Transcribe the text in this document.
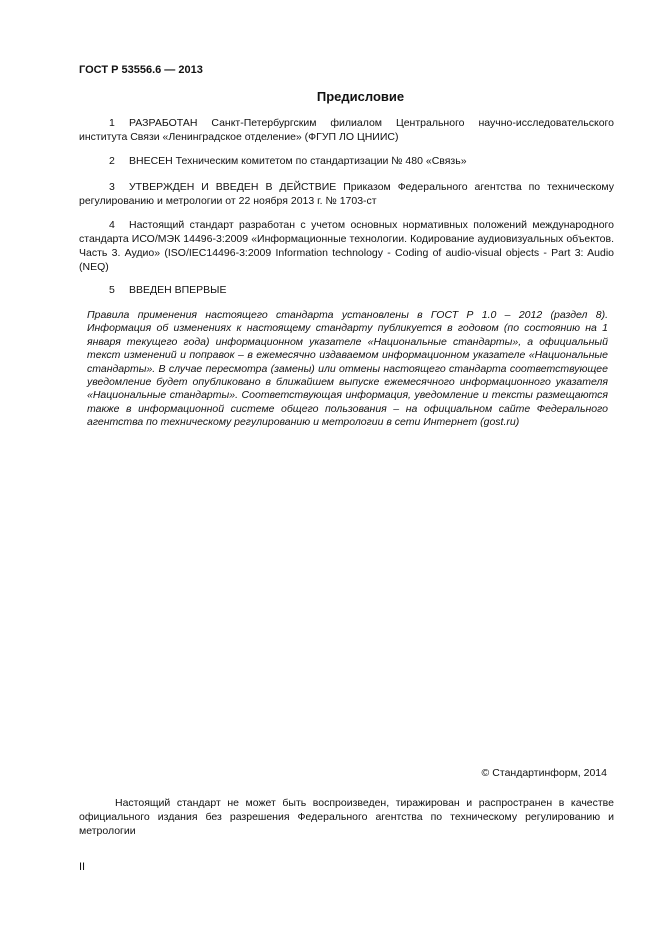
ГОСТ Р 53556.6 — 2013
Предисловие
1 РАЗРАБОТАН Санкт-Петербургским филиалом Центрального научно-исследовательского института Связи «Ленинградское отделение» (ФГУП ЛО ЦНИИС)
2 ВНЕСЕН Техническим комитетом по стандартизации № 480 «Связь»
3 УТВЕРЖДЕН И ВВЕДЕН В ДЕЙСТВИЕ Приказом Федерального агентства по техническому регулированию и метрологии от 22 ноября 2013 г. № 1703-ст
4 Настоящий стандарт разработан с учетом основных нормативных положений международного стандарта ИСО/МЭК 14496-3:2009 «Информационные технологии. Кодирование аудиовизуальных объектов. Часть 3. Аудио» (ISO/IEC14496-3:2009 Information technology - Coding of audio-visual objects - Part 3: Audio (NEQ)
5 ВВЕДЕН ВПЕРВЫЕ
Правила применения настоящего стандарта установлены в ГОСТ Р 1.0 – 2012 (раздел 8). Информация об изменениях к настоящему стандарту публикуется в годовом (по состоянию на 1 января текущего года) информационном указателе «Национальные стандарты», а официальный текст изменений и поправок – в ежемесячно издаваемом информационном указателе «Национальные стандарты». В случае пересмотра (замены) или отмены настоящего стандарта соответствующее уведомление будет опубликовано в ближайшем выпуске ежемесячного информационного указателя «Национальные стандарты». Соответствующая информация, уведомление и тексты размещаются также в информационной системе общего пользования – на официальном сайте Федерального агентства по техническому регулированию и метрологии в сети Интернет (gost.ru)
© Стандартинформ, 2014
Настоящий стандарт не может быть воспроизведен, тиражирован и распространен в качестве официального издания без разрешения Федерального агентства по техническому регулированию и метрологии
II
